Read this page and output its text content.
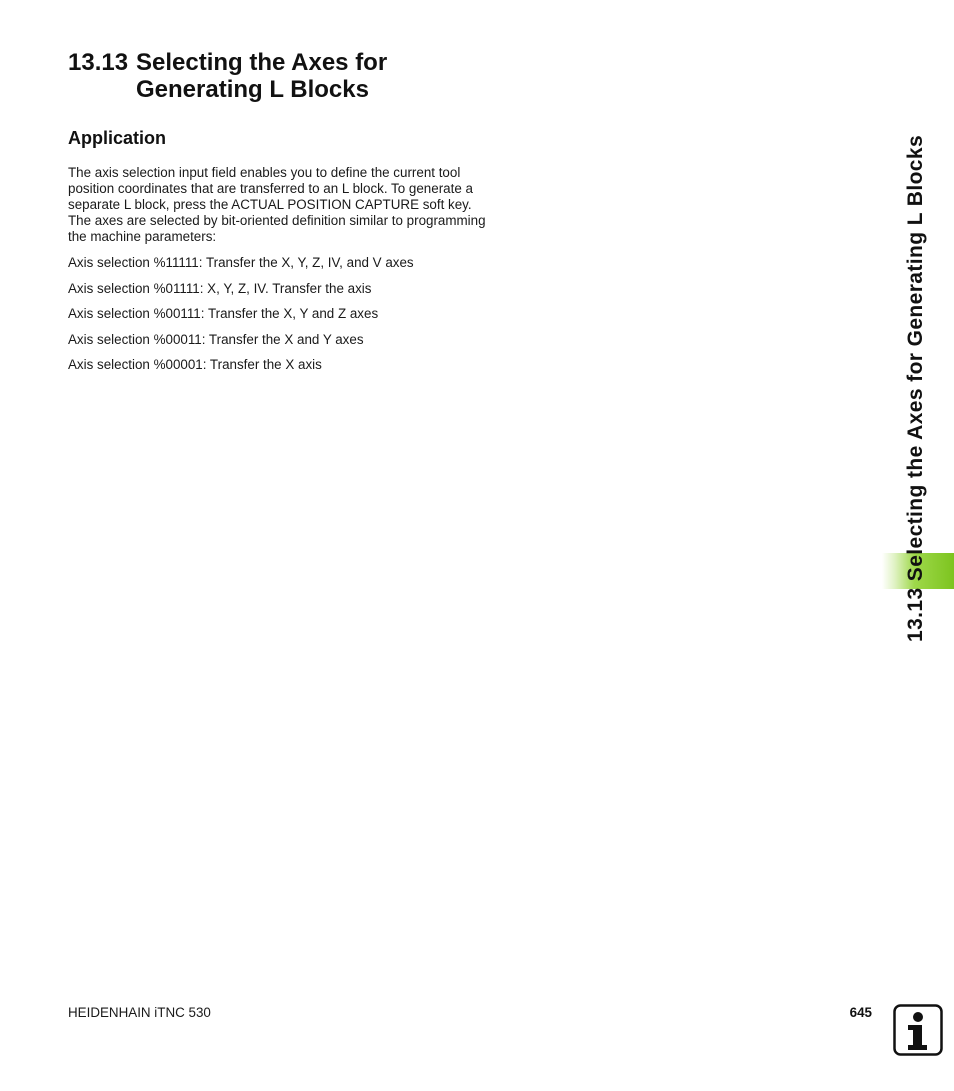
13.13 Selecting the Axes for
Generating L Blocks
Application

The axis selection input field enables you to define the current tool
position coordinates that are transferred to an L block. To generate a
separate L block, press the ACTUAL POSITION CAPTURE soft key.
The axes are selected by bit-oriented definition similar to programming
the machine parameters:

Axis selection %11111: Transfer the X, Y, Z, IV, and V axes
Axis selection %01111: X, Y, Z, IV. Transfer the axis
Axis selection %00111: Transfer the X, Y and Z axes
Axis selection %00011: Transfer the X and Y axes
Axis selection %00001: Transfer the X axis	13.13 Selecting the Axes for Generating L Blocks
HEIDENHAIN iTNC 530	645
